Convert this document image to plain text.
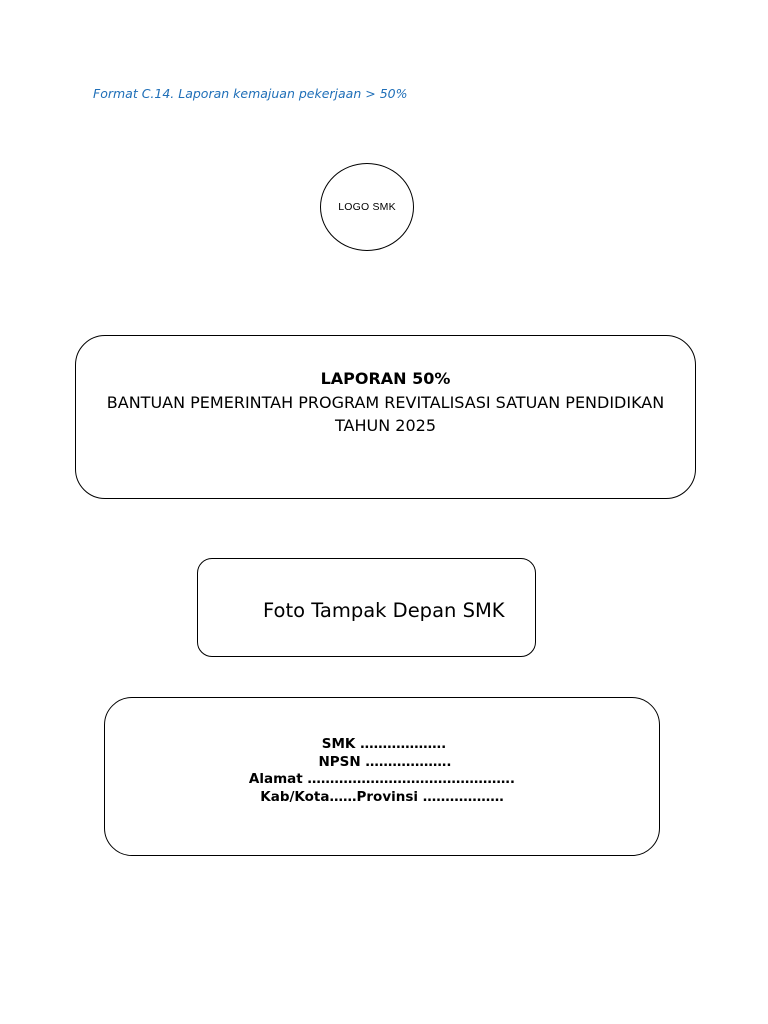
Format C.14. Laporan kemajuan pekerjaan > 50%
LOGO SMK
LAPORAN 50%
BANTUAN PEMERINTAH PROGRAM REVITALISASI SATUAN PENDIDIKAN TAHUN 2025
Foto Tampak Depan SMK
SMK ……………….
NPSN ……………….
Alamat ……………………………………….
Kab/Kota……Provinsi ………………
